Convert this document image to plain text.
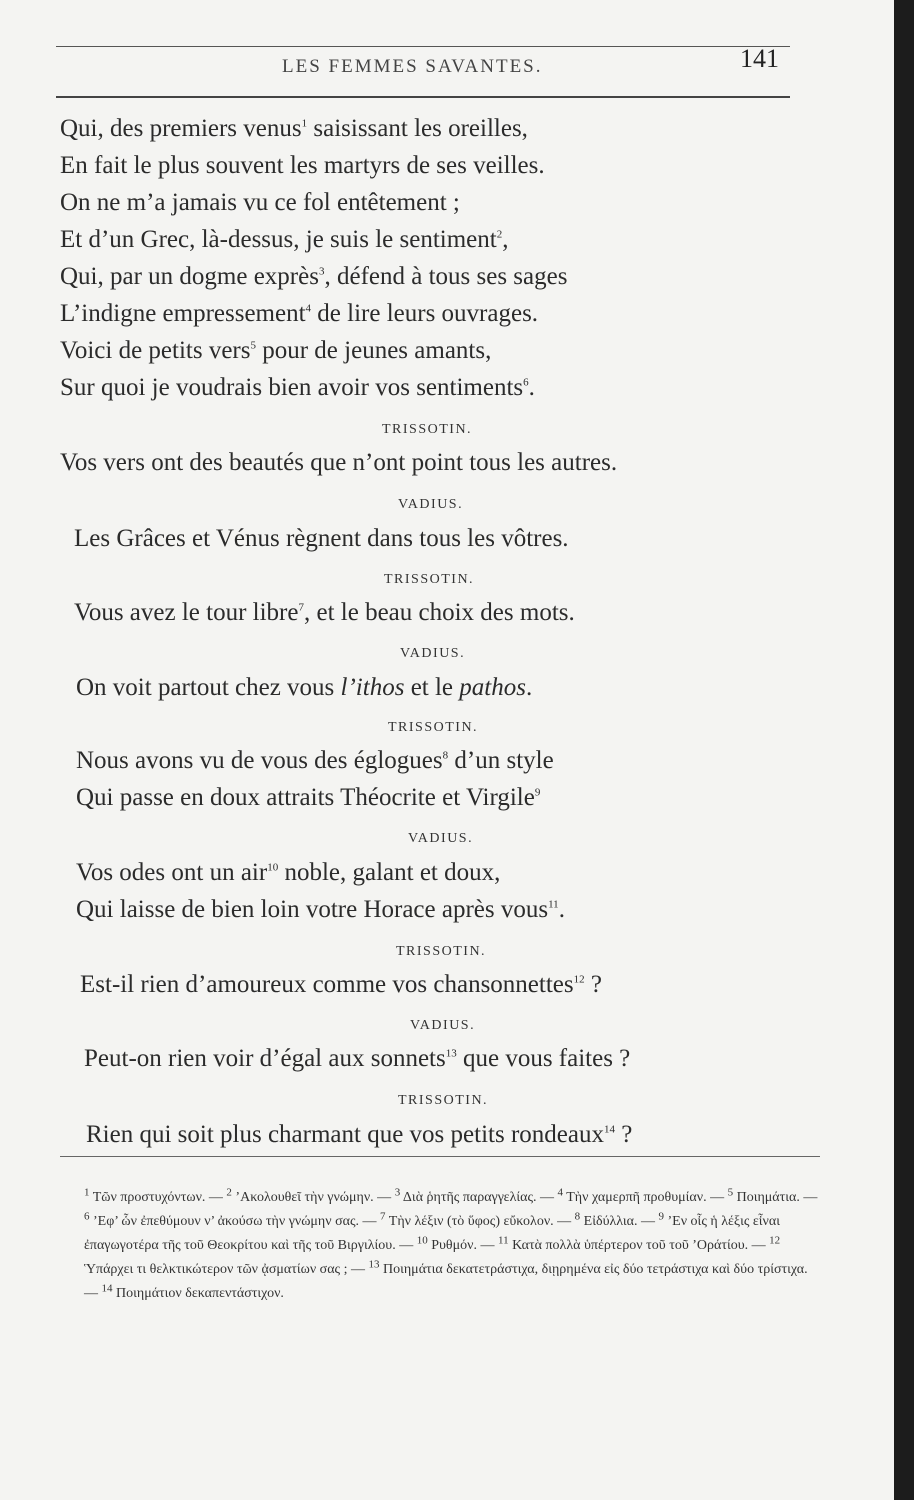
LES FEMMES SAVANTES.	141
Qui, des premiers venus$^1$ saisissant les oreilles,
En fait le plus souvent les martyrs de ses veilles.
On ne m’a jamais vu ce fol entêtement ;
Et d’un Grec, là-dessus, je suis le sentiment$^2$,
Qui, par un dogme exprès$^3$, défend à tous ses sages
L’indigne empressement$^4$ de lire leurs ouvrages.
Voici de petits vers$^5$ pour de jeunes amants,
Sur quoi je voudrais bien avoir vos sentiments$^6$.
TRISSOTIN.
Vos vers ont des beautés que n’ont point tous les autres.
VADIUS.
Les Grâces et Vénus règnent dans tous les vôtres.
TRISSOTIN.
Vous avez le tour libre$^7$, et le beau choix des mots.
VADIUS.
On voit partout chez vous l’ithos et le pathos.
TRISSOTIN.
Nous avons vu de vous des églogues$^8$ d’un style
Qui passe en doux attraits Théocrite et Virgile$^9$
VADIUS.
Vos odes ont un air$^{10}$ noble, galant et doux,
Qui laisse de bien loin votre Horace après vous$^{11}$.
TRISSOTIN.
Est-il rien d’amoureux comme vos chansonnettes$^{12}$ ?
VADIUS.
Peut-on rien voir d’égal aux sonnets$^{13}$ que vous faites ?
TRISSOTIN.
Rien qui soit plus charmant que vos petits rondeaux$^{14}$ ?
$^1$ Τῶν προστυχόντων. — $^2$ ’Ακολουθεῖ τὴν γνώμην. — $^3$ Διὰ ῥητῆς παραγγελίας. — $^4$ Τὴν χαμερπῆ προθυμίαν. — $^5$ Ποιημάτια. — $^6$ ’Εφ’ ὧν ἐπεθύμουν ν’ ἀκούσω τὴν γνώμην σας. — $^7$ Τὴν λέξιν (τὸ ὕφος) εὔκολον. — $^8$ Εἰδύλλια. — $^9$ ’Εν οἷς ἡ λέξις εἶναι ἐπαγωγοτέρα τῆς τοῦ Θεοκρίτου καὶ τῆς τοῦ Βιργιλίου. — $^{10}$ Ρυθμόν. — $^{11}$ Κατὰ πολλὰ ὑπέρτερον τοῦ τοῦ ’Οράτίου. — $^{12}$ Ὑπάρχει τι θελκτικώτερον τῶν ᾀσματίων σας ; — $^{13}$ Ποιημάτια δεκατετράστιχα, διῃρημένα εἰς δύο τετράστιχα καὶ δύο τρίστιχα. — $^{14}$ Ποιημάτιον δεκαπεντάστιχον.
